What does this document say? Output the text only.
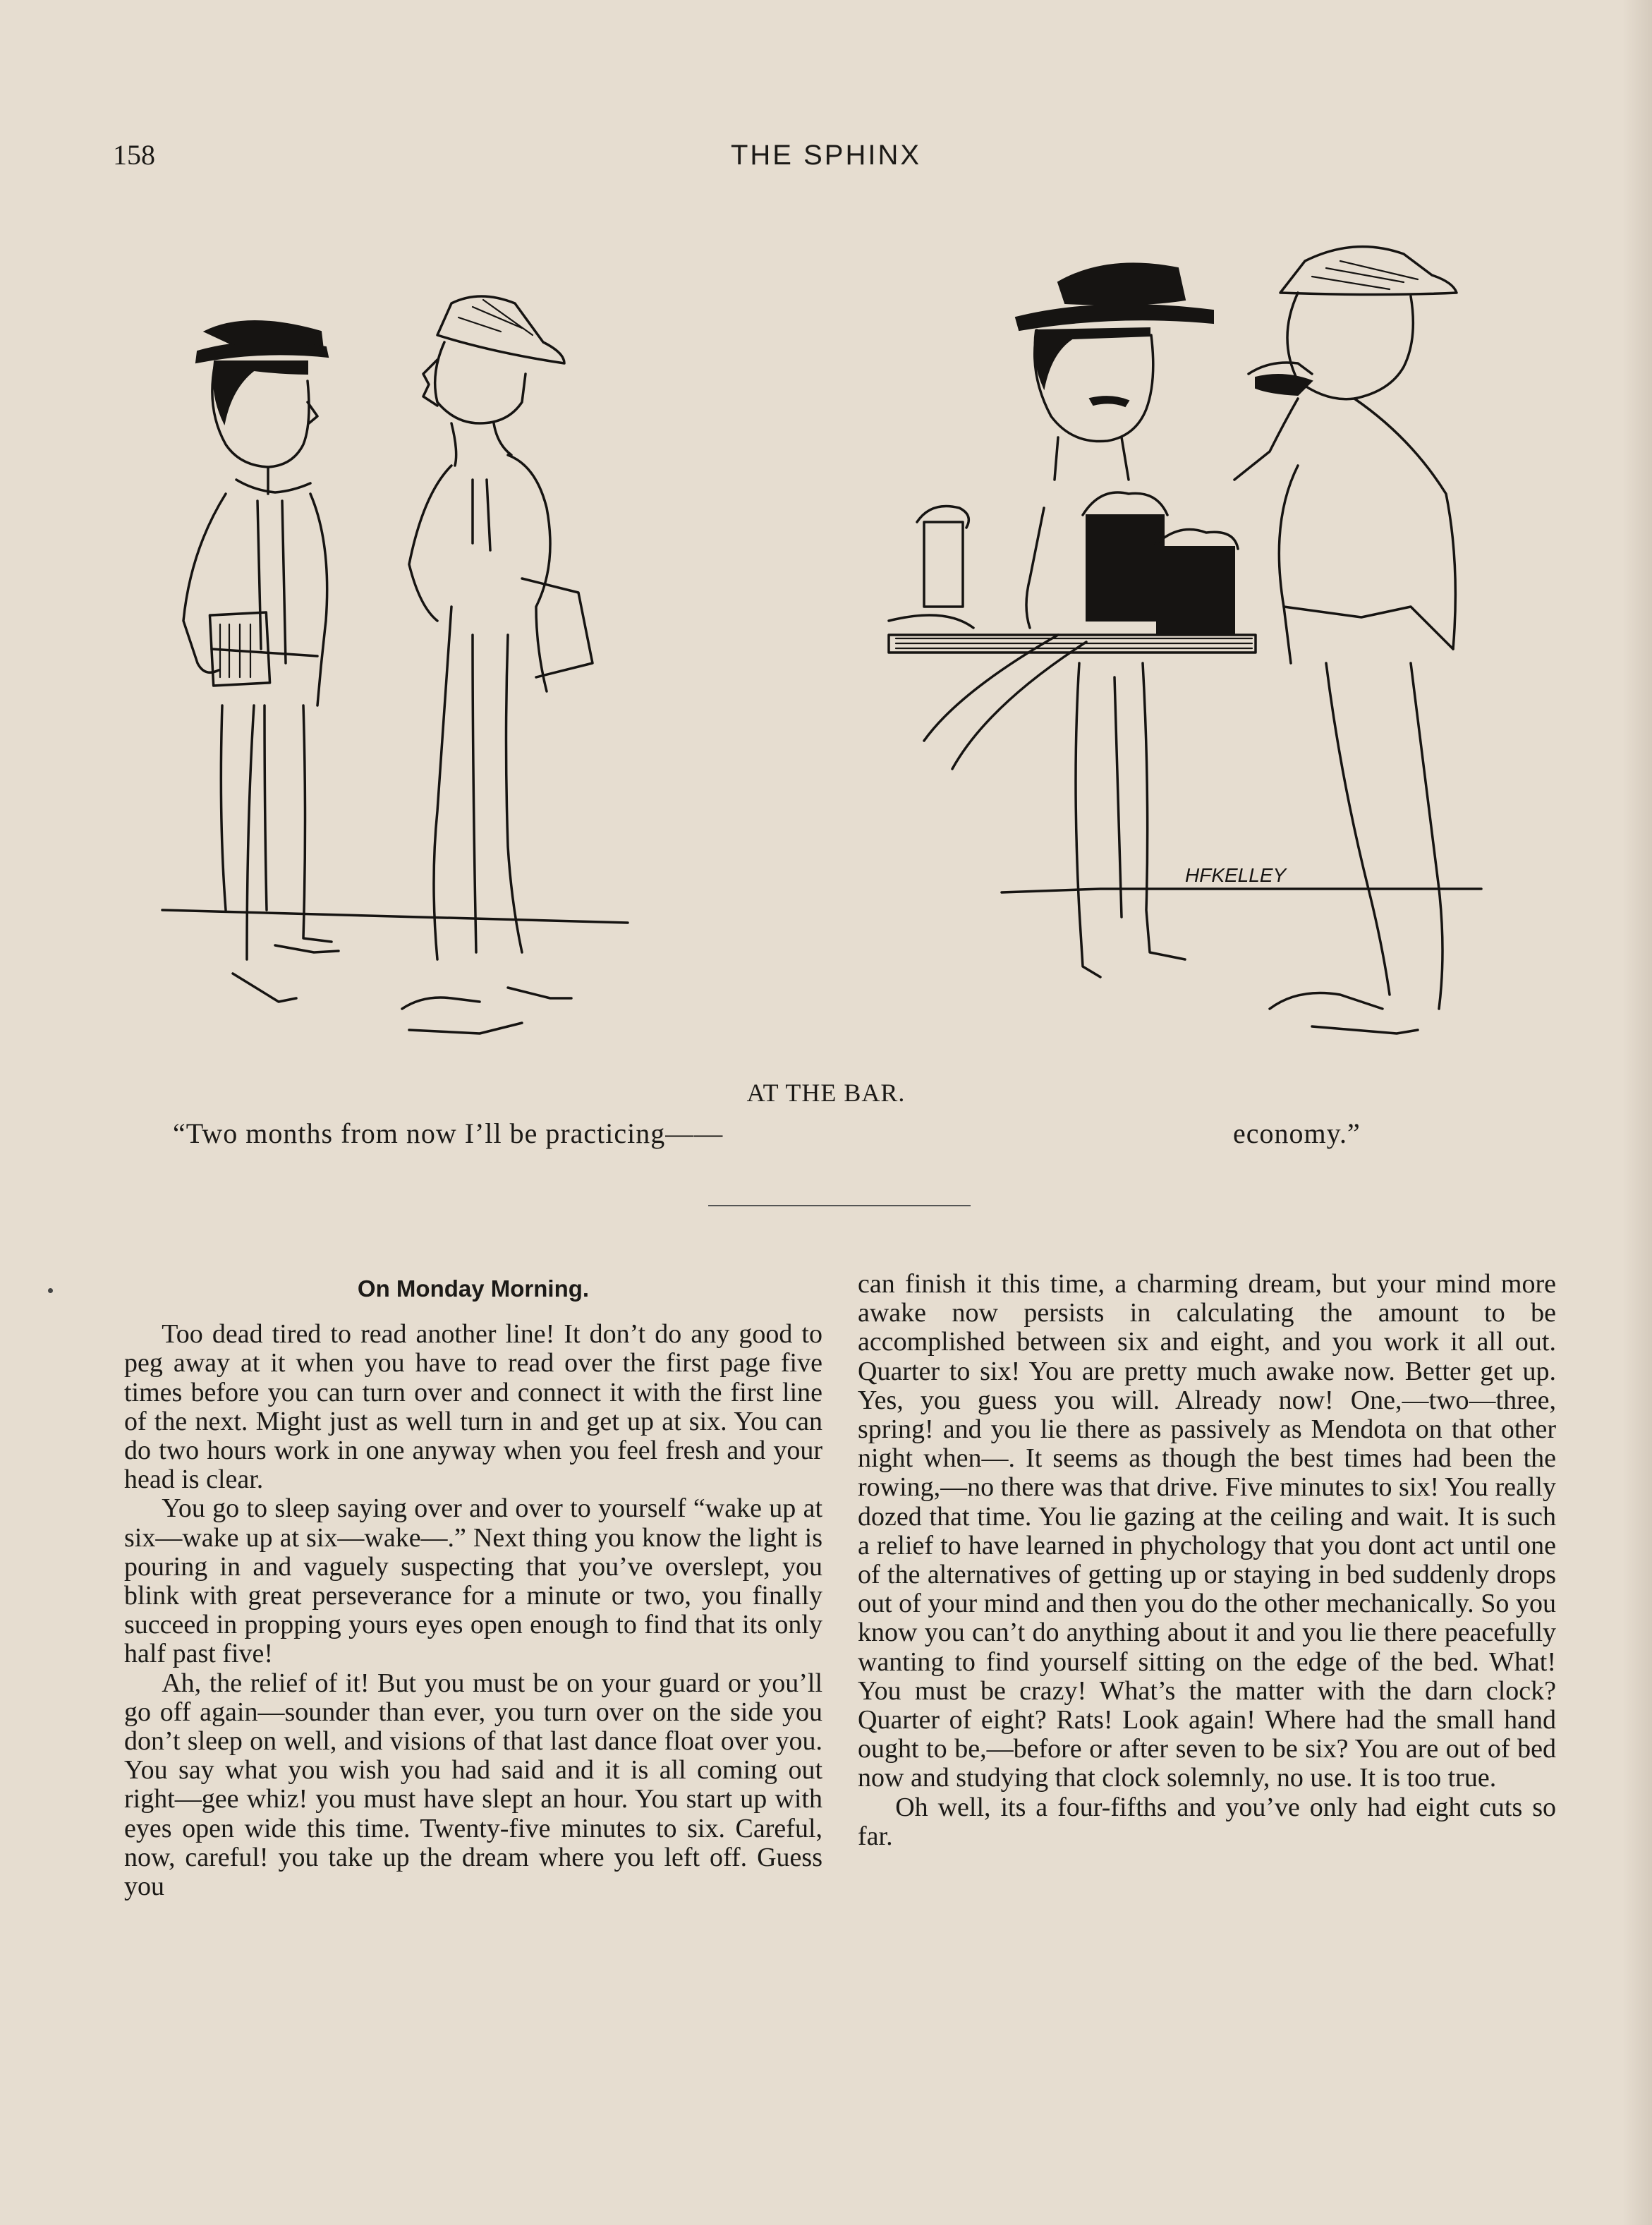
158	THE SPHINX
HFKELLEY
AT THE BAR.
“Two months from now I’ll be practicing——	economy.”
On Monday Morning.

Too dead tired to read another line! It don’t do any good to peg away at it when you have to read over the first page five times before you can turn over and connect it with the first line of the next. Might just as well turn in and get up at six. You can do two hours work in one anyway when you feel fresh and your head is clear.

You go to sleep saying over and over to yourself “wake up at six—wake up at six—wake—.” Next thing you know the light is pouring in and vaguely suspecting that you’ve overslept, you blink with great perseverance for a minute or two, you finally succeed in propping yours eyes open enough to find that its only half past five!

Ah, the relief of it! But you must be on your guard or you’ll go off again—sounder than ever, you turn over on the side you don’t sleep on well, and visions of that last dance float over you. You say what you wish you had said and it is all coming out right—gee whiz! you must have slept an hour. You start up with eyes open wide this time. Twenty-five minutes to six. Careful, now, careful! you take up the dream where you left off. Guess you

can finish it this time, a charming dream, but your mind more awake now persists in calculating the amount to be accomplished between six and eight, and you work it all out. Quarter to six! You are pretty much awake now. Better get up. Yes, you guess you will. Already now! One,—two—three, spring! and you lie there as passively as Mendota on that other night when—. It seems as though the best times had been the rowing,—no there was that drive. Five minutes to six! You really dozed that time. You lie gazing at the ceiling and wait. It is such a relief to have learned in phychology that you dont act until one of the alternatives of getting up or staying in bed suddenly drops out of your mind and then you do the other mechanically. So you know you can’t do anything about it and you lie there peacefully wanting to find yourself sitting on the edge of the bed. What! You must be crazy! What’s the matter with the darn clock? Quarter of eight? Rats! Look again! Where had the small hand ought to be,—before or after seven to be six? You are out of bed now and studying that clock solemnly, no use. It is too true.

Oh well, its a four-fifths and you’ve only had eight cuts so far.
